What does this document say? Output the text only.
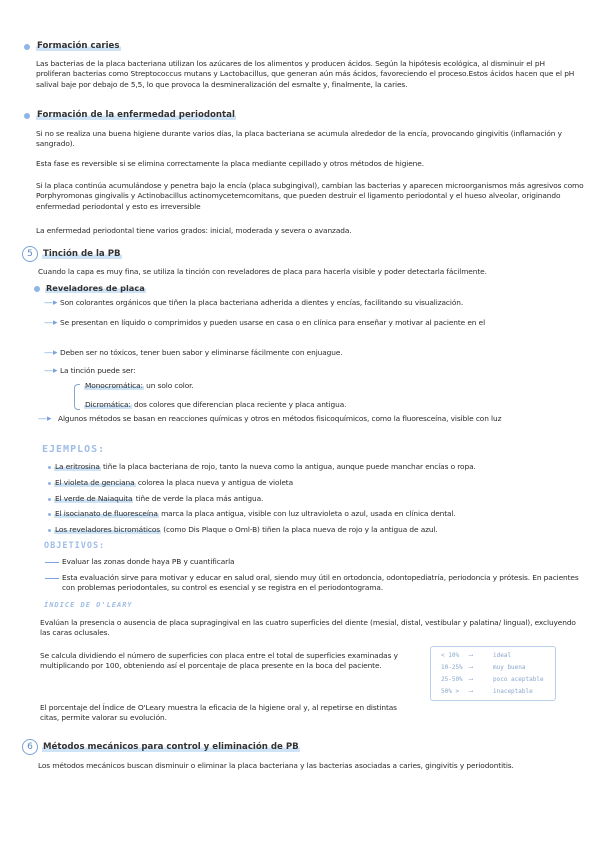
Formación caries
Las bacterias de la placa bacteriana utilizan los azúcares de los alimentos y producen ácidos. Según la hipótesis ecológica, al disminuir el pH proliferan bacterias como Streptococcus mutans y Lactobacillus, que generan aún más ácidos, favoreciendo el proceso.Estos ácidos hacen que el pH salival baje por debajo de 5,5, lo que provoca la desmineralización del esmalte y, finalmente, la caries.
Formación de la enfermedad periodontal
Si no se realiza una buena higiene durante varios días, la placa bacteriana se acumula alrededor de la encía, provocando gingivitis (inflamación y sangrado).
Esta fase es reversible si se elimina correctamente la placa mediante cepillado y otros métodos de higiene.
Si la placa continúa acumulándose y penetra bajo la encía (placa subgingival), cambian las bacterias y aparecen microorganismos más agresivos como Porphyromonas gingivalis y Actinobacillus actinomycetemcomitans, que pueden destruir el ligamento periodontal y el hueso alveolar, originando enfermedad periodontal y esto es irreversible
La enfermedad periodontal tiene varios grados: inicial, moderada y severa o avanzada.
5	Tinción de la PB
Cuando la capa es muy fina, se utiliza la tinción con reveladores de placa para hacerla visible y poder detectarla fácilmente.
Reveladores de placa
—▸ Son colorantes orgánicos que tiñen la placa bacteriana adherida a dientes y encías, facilitando su visualización.
—▸ Se presentan en líquido o comprimidos y pueden usarse en casa o en clínica para enseñar y motivar al paciente en el
—▸ Deben ser no tóxicos, tener buen sabor y eliminarse fácilmente con enjuague.
—▸ La tinción puede ser:
Monocromática: un solo color.
Dicromática: dos colores que diferencian placa reciente y placa antigua.
—▸ Algunos métodos se basan en reacciones químicas y otros en métodos fisicoquímicos, como la fluoresceína, visible con luz
EJEMPLOS:
La eritrosina tiñe la placa bacteriana de rojo, tanto la nueva como la antigua, aunque puede manchar encías o ropa.
El violeta de genciana colorea la placa nueva y antigua de violeta
El verde de Naiaquita tiñe de verde la placa más antigua.
El isocianato de fluoresceína marca la placa antigua, visible con luz ultravioleta o azul, usada en clínica dental.
Los reveladores bicromáticos (como Dis Plaque o Oml-B) tiñen la placa nueva de rojo y la antigua de azul.
OBJETIVOS:
Evaluar las zonas donde haya PB y cuantificarla
Esta evaluación sirve para motivar y educar en salud oral, siendo muy útil en ortodoncia, odontopediatría, periodoncia y prótesis. En pacientes con problemas periodontales, su control es esencial y se registra en el periodontograma.
ÍNDICE DE O'LEARY
Evalúan la presencia o ausencia de placa supragingival en las cuatro superficies del diente (mesial, distal, vestibular y palatina/ lingual), excluyendo las caras oclusales.
Se calcula dividiendo el número de superficies con placa entre el total de superficies examinadas y multiplicando por 100, obteniendo así el porcentaje de placa presente en la boca del paciente.
El porcentaje del Índice de O'Leary muestra la eficacia de la higiene oral y, al repetirse en distintas citas, permite valorar su evolución.
< 10% ⟶	ideal
10-25% ⟶	muy buena
25-50% ⟶	poco aceptable
50% > ⟶	inaceptable
6	Métodos mecánicos para control y eliminación de PB
Los métodos mecánicos buscan disminuir o eliminar la placa bacteriana y las bacterias asociadas a caries, gingivitis y periodontitis.
